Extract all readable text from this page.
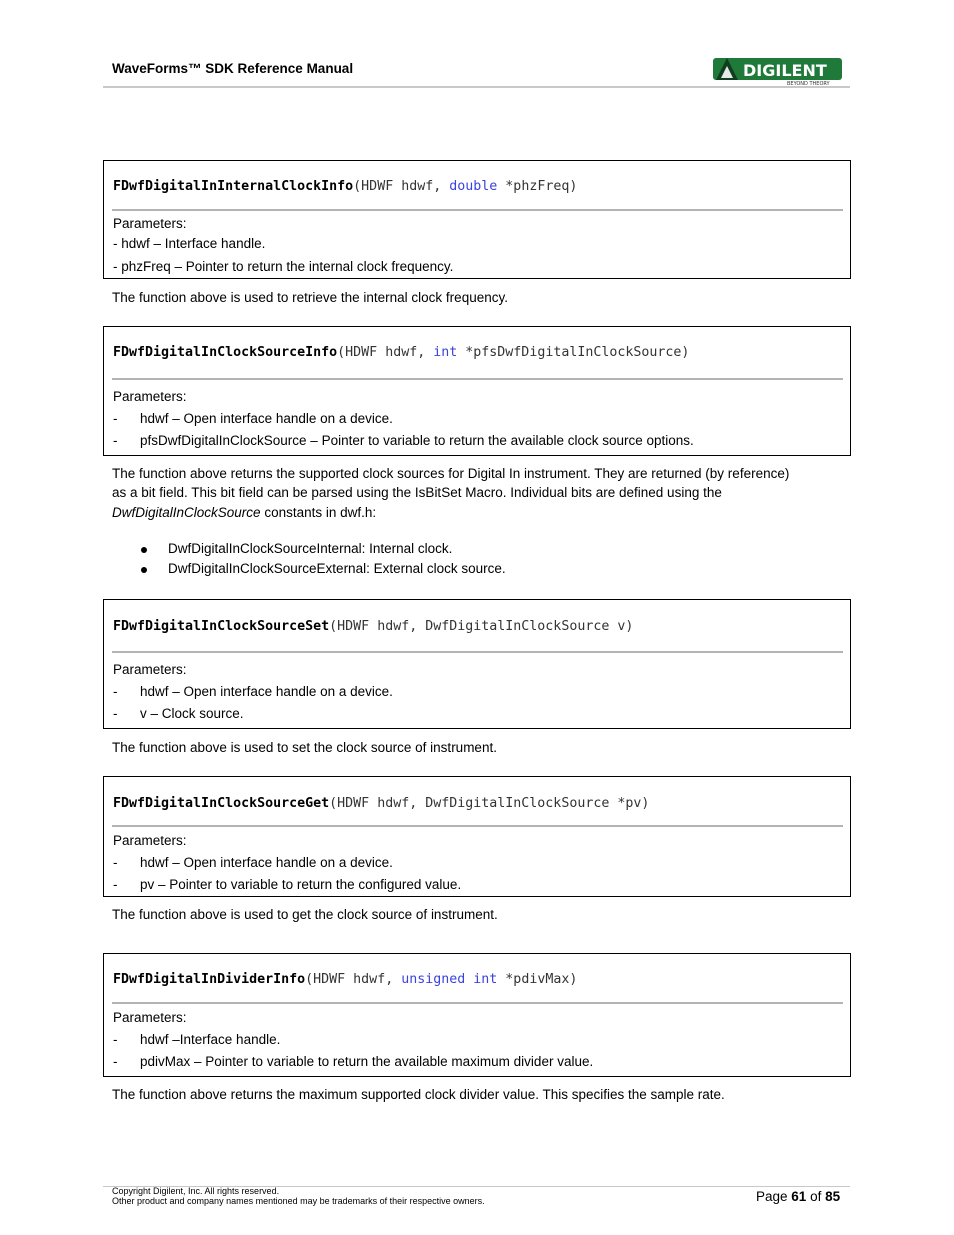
WaveForms™ SDK Reference Manual	DIGILENT
BEYOND THEORY
FDwfDigitalInInternalClockInfo(HDWF hdwf, double *phzFreq)
Parameters:
- hdwf – Interface handle.
- phzFreq – Pointer to return the internal clock frequency.
The function above is used to retrieve the internal clock frequency.
FDwfDigitalInClockSourceInfo(HDWF hdwf, int *pfsDwfDigitalInClockSource)
Parameters:
- hdwf – Open interface handle on a device.
- pfsDwfDigitalInClockSource – Pointer to variable to return the available clock source options.
The function above returns the supported clock sources for Digital In instrument. They are returned (by reference)
as a bit field. This bit field can be parsed using the IsBitSet Macro. Individual bits are defined using the
DwfDigitalInClockSource constants in dwf.h:
DwfDigitalInClockSourceInternal: Internal clock.
DwfDigitalInClockSourceExternal: External clock source.
FDwfDigitalInClockSourceSet(HDWF hdwf, DwfDigitalInClockSource v)
Parameters:
- hdwf – Open interface handle on a device.
- v – Clock source.
The function above is used to set the clock source of instrument.
FDwfDigitalInClockSourceGet(HDWF hdwf, DwfDigitalInClockSource *pv)
Parameters:
- hdwf – Open interface handle on a device.
- pv – Pointer to variable to return the configured value.
The function above is used to get the clock source of instrument.
FDwfDigitalInDividerInfo(HDWF hdwf, unsigned int *pdivMax)
Parameters:
- hdwf –Interface handle.
- pdivMax – Pointer to variable to return the available maximum divider value.
The function above returns the maximum supported clock divider value. This specifies the sample rate.
Copyright Digilent, Inc. All rights reserved.
Other product and company names mentioned may be trademarks of their respective owners.	Page 61 of 85
